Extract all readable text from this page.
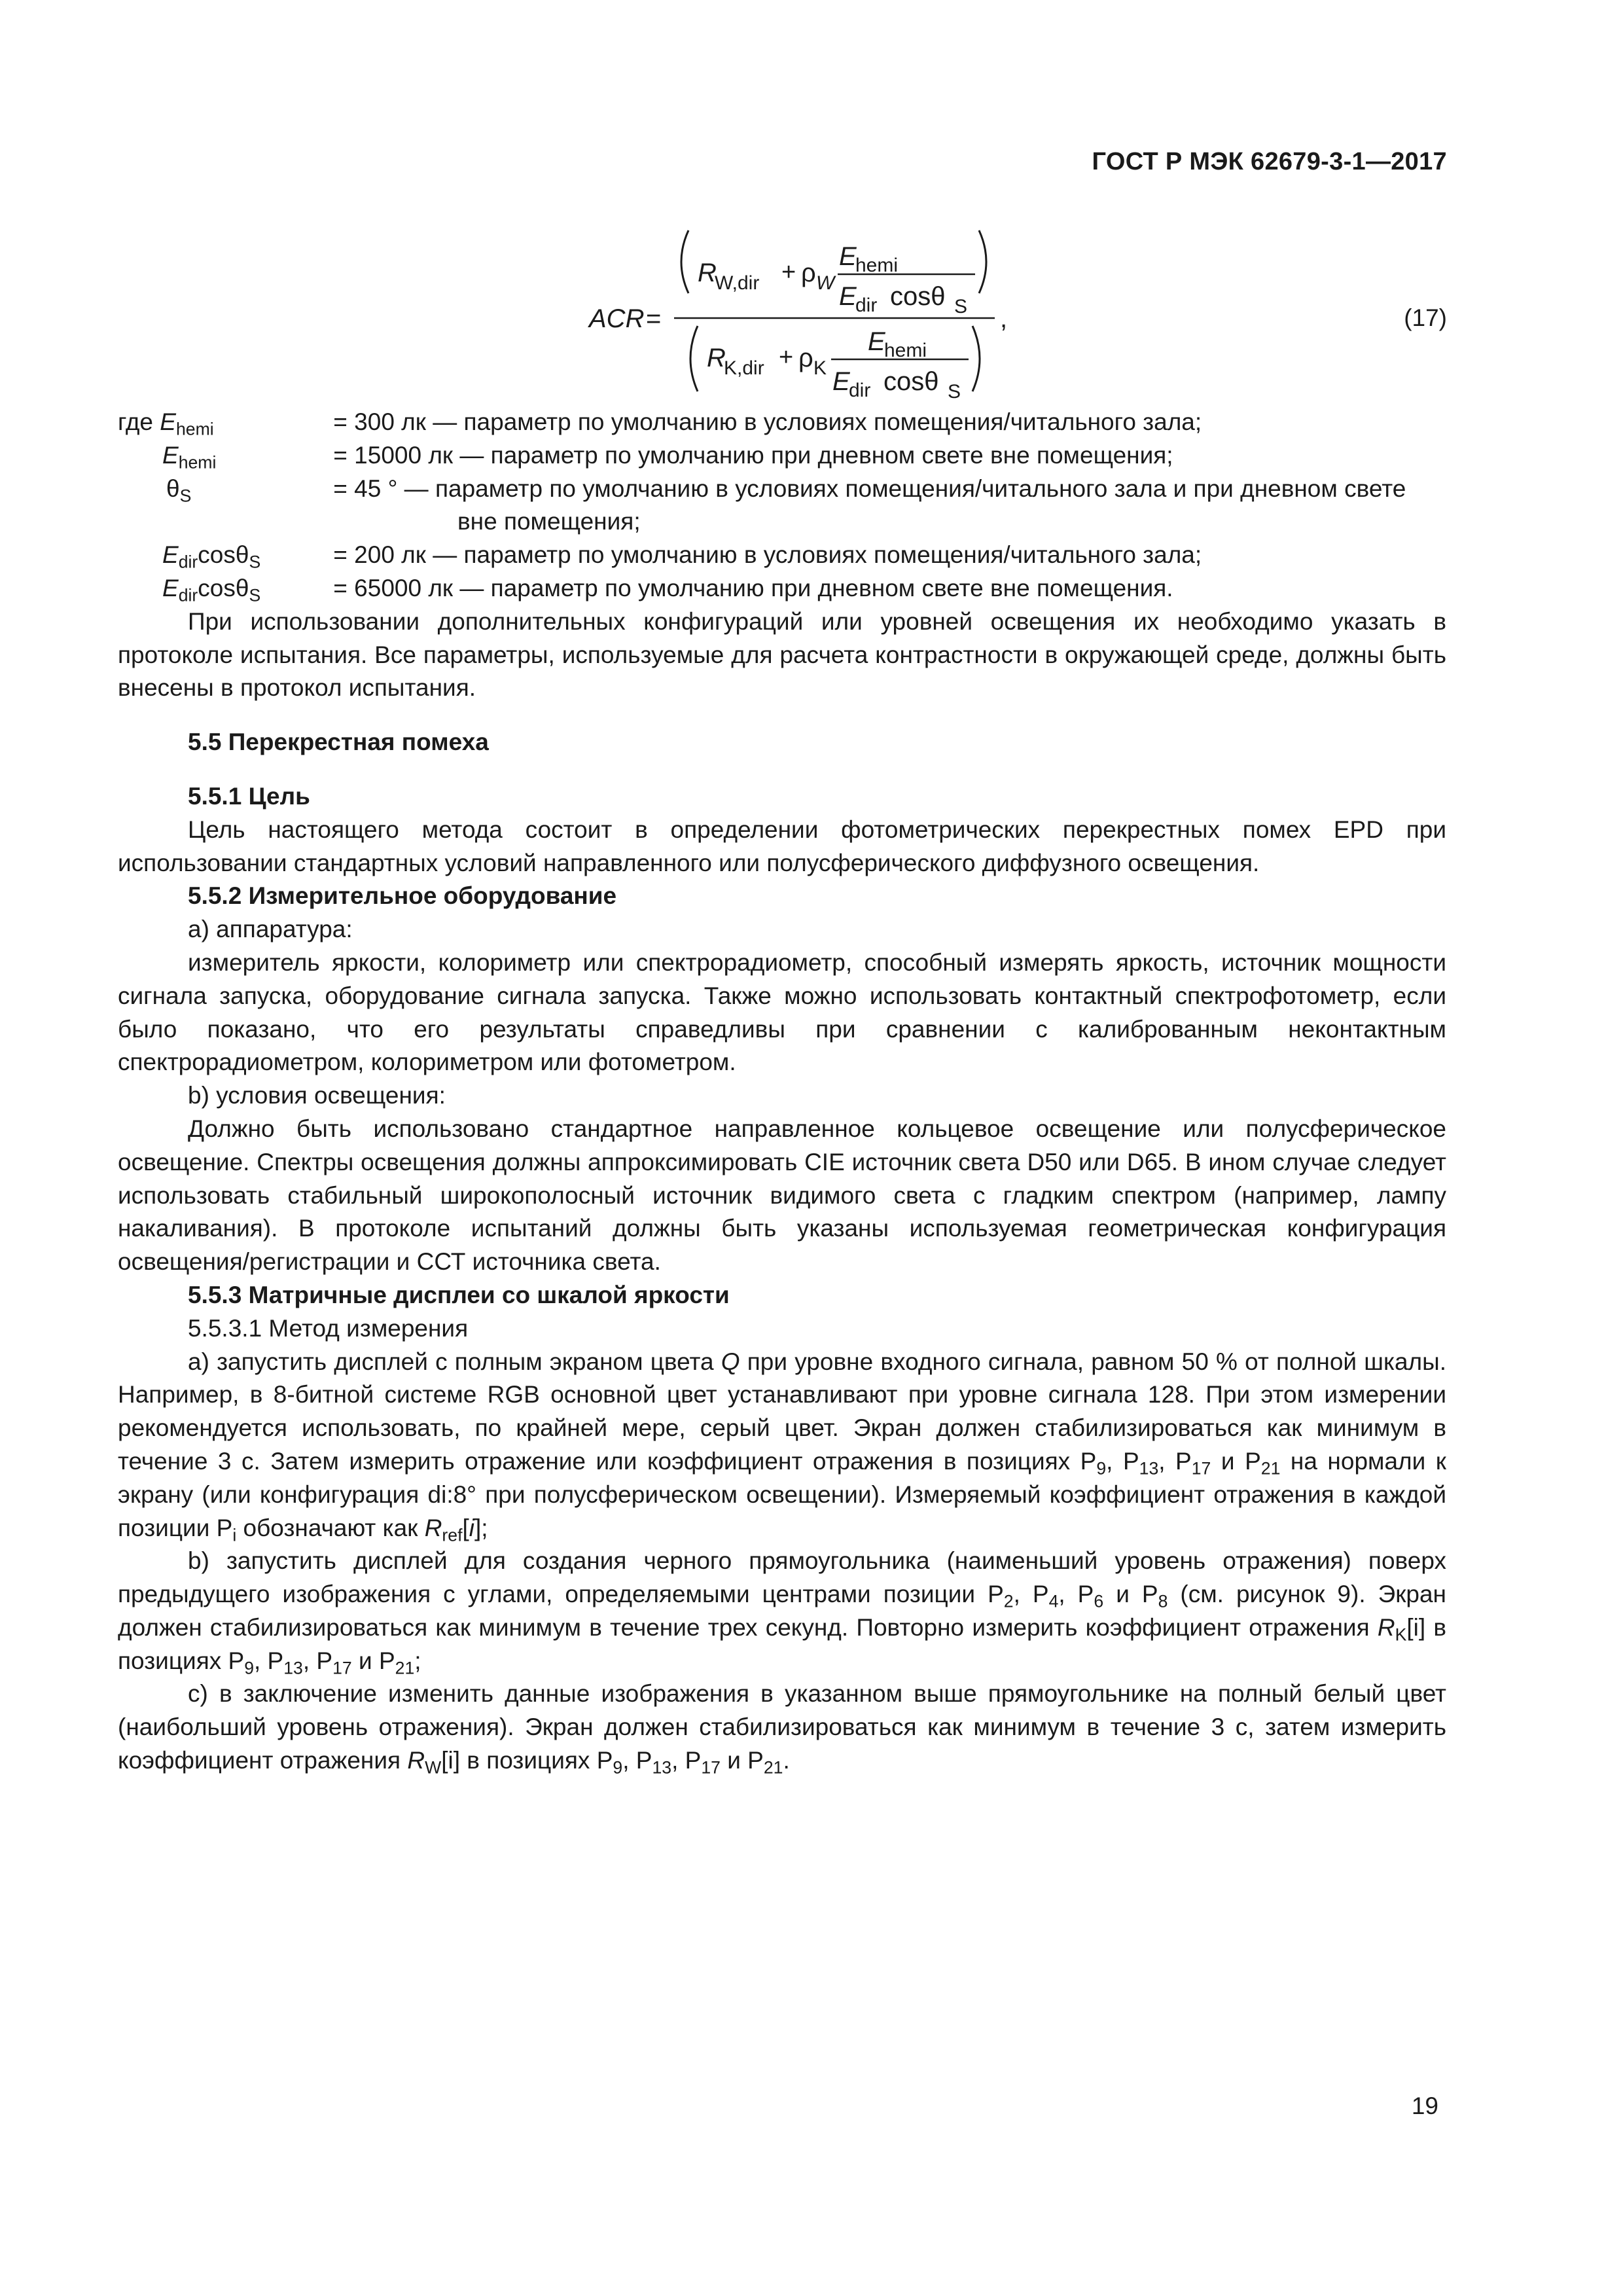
ГОСТ Р МЭК 62679-3-1—2017
ACR =
R
W,dir + ρ W
E
hemi
E
dir cosθ S
R
K,dir + ρ K
E
hemi
E
dir cosθ S
,	(17)

где $E_{hemi}$	= 300 лк — параметр по умолчанию в условиях помещения/читального зала;

$E_{hemi}$	= 15000 лк — параметр по умолчанию при дневном свете вне помещения;

$\theta_S$	= 45 ° — параметр по умолчанию в условиях помещения/читального зала и при дневном свете
вне помещения;

$E_{dir}\cos\theta_S$	= 200 лк — параметр по умолчанию в условиях помещения/читального зала;

$E_{dir}\cos\theta_S$	= 65000 лк — параметр по умолчанию при дневном свете вне помещения.

При использовании дополнительных конфигураций или уровней освещения их необходимо указать в протоколе испытания. Все параметры, используемые для расчета контрастности в окружающей среде, должны быть внесены в протокол испытания.

5.5 Перекрестная помеха

5.5.1 Цель

Цель настоящего метода состоит в определении фотометрических перекрестных помех EPD при использовании стандартных условий направленного или полусферического диффузного освещения.

5.5.2 Измерительное оборудование

a) аппаратура:

измеритель яркости, колориметр или спектрорадиометр, способный измерять яркость, источник мощности сигнала запуска, оборудование сигнала запуска. Также можно использовать контактный спектрофотометр, если было показано, что его результаты справедливы при сравнении с калиброванным неконтактным спектрорадиометром, колориметром или фотометром.

b) условия освещения:

Должно быть использовано стандартное направленное кольцевое освещение или полусферическое освещение. Спектры освещения должны аппроксимировать CIE источник света D50 или D65. В ином случае следует использовать стабильный широкополосный источник видимого света с гладким спектром (например, лампу накаливания). В протоколе испытаний должны быть указаны используемая геометрическая конфигурация освещения/регистрации и ССТ источника света.

5.5.3 Матричные дисплеи со шкалой яркости

5.5.3.1 Метод измерения

a) запустить дисплей с полным экраном цвета Q при уровне входного сигнала, равном 50 % от полной шкалы. Например, в 8-битной системе RGB основной цвет устанавливают при уровне сигнала 128. При этом измерении рекомендуется использовать, по крайней мере, серый цвет. Экран должен стабилизироваться как минимум в течение 3 с. Затем измерить отражение или коэффициент отражения в позициях $P_9$, $P_{13}$, $P_{17}$ и $P_{21}$ на нормали к экрану (или конфигурация di:8° при полусферическом освещении). Измеряемый коэффициент отражения в каждой позиции $P_i$ обозначают как $R_{ref}[i]$;

b) запустить дисплей для создания черного прямоугольника (наименьший уровень отражения) поверх предыдущего изображения с углами, определяемыми центрами позиции $P_2$, $P_4$, $P_6$ и $P_8$ (см. рисунок 9). Экран должен стабилизироваться как минимум в течение трех секунд. Повторно измерить коэффициент отражения $R_K[i]$ в позициях $P_9$, $P_{13}$, $P_{17}$ и $P_{21}$;

c) в заключение изменить данные изображения в указанном выше прямоугольнике на полный белый цвет (наибольший уровень отражения). Экран должен стабилизироваться как минимум в течение 3 с, затем измерить коэффициент отражения $R_W[i]$ в позициях $P_9$, $P_{13}$, $P_{17}$ и $P_{21}$.

19
